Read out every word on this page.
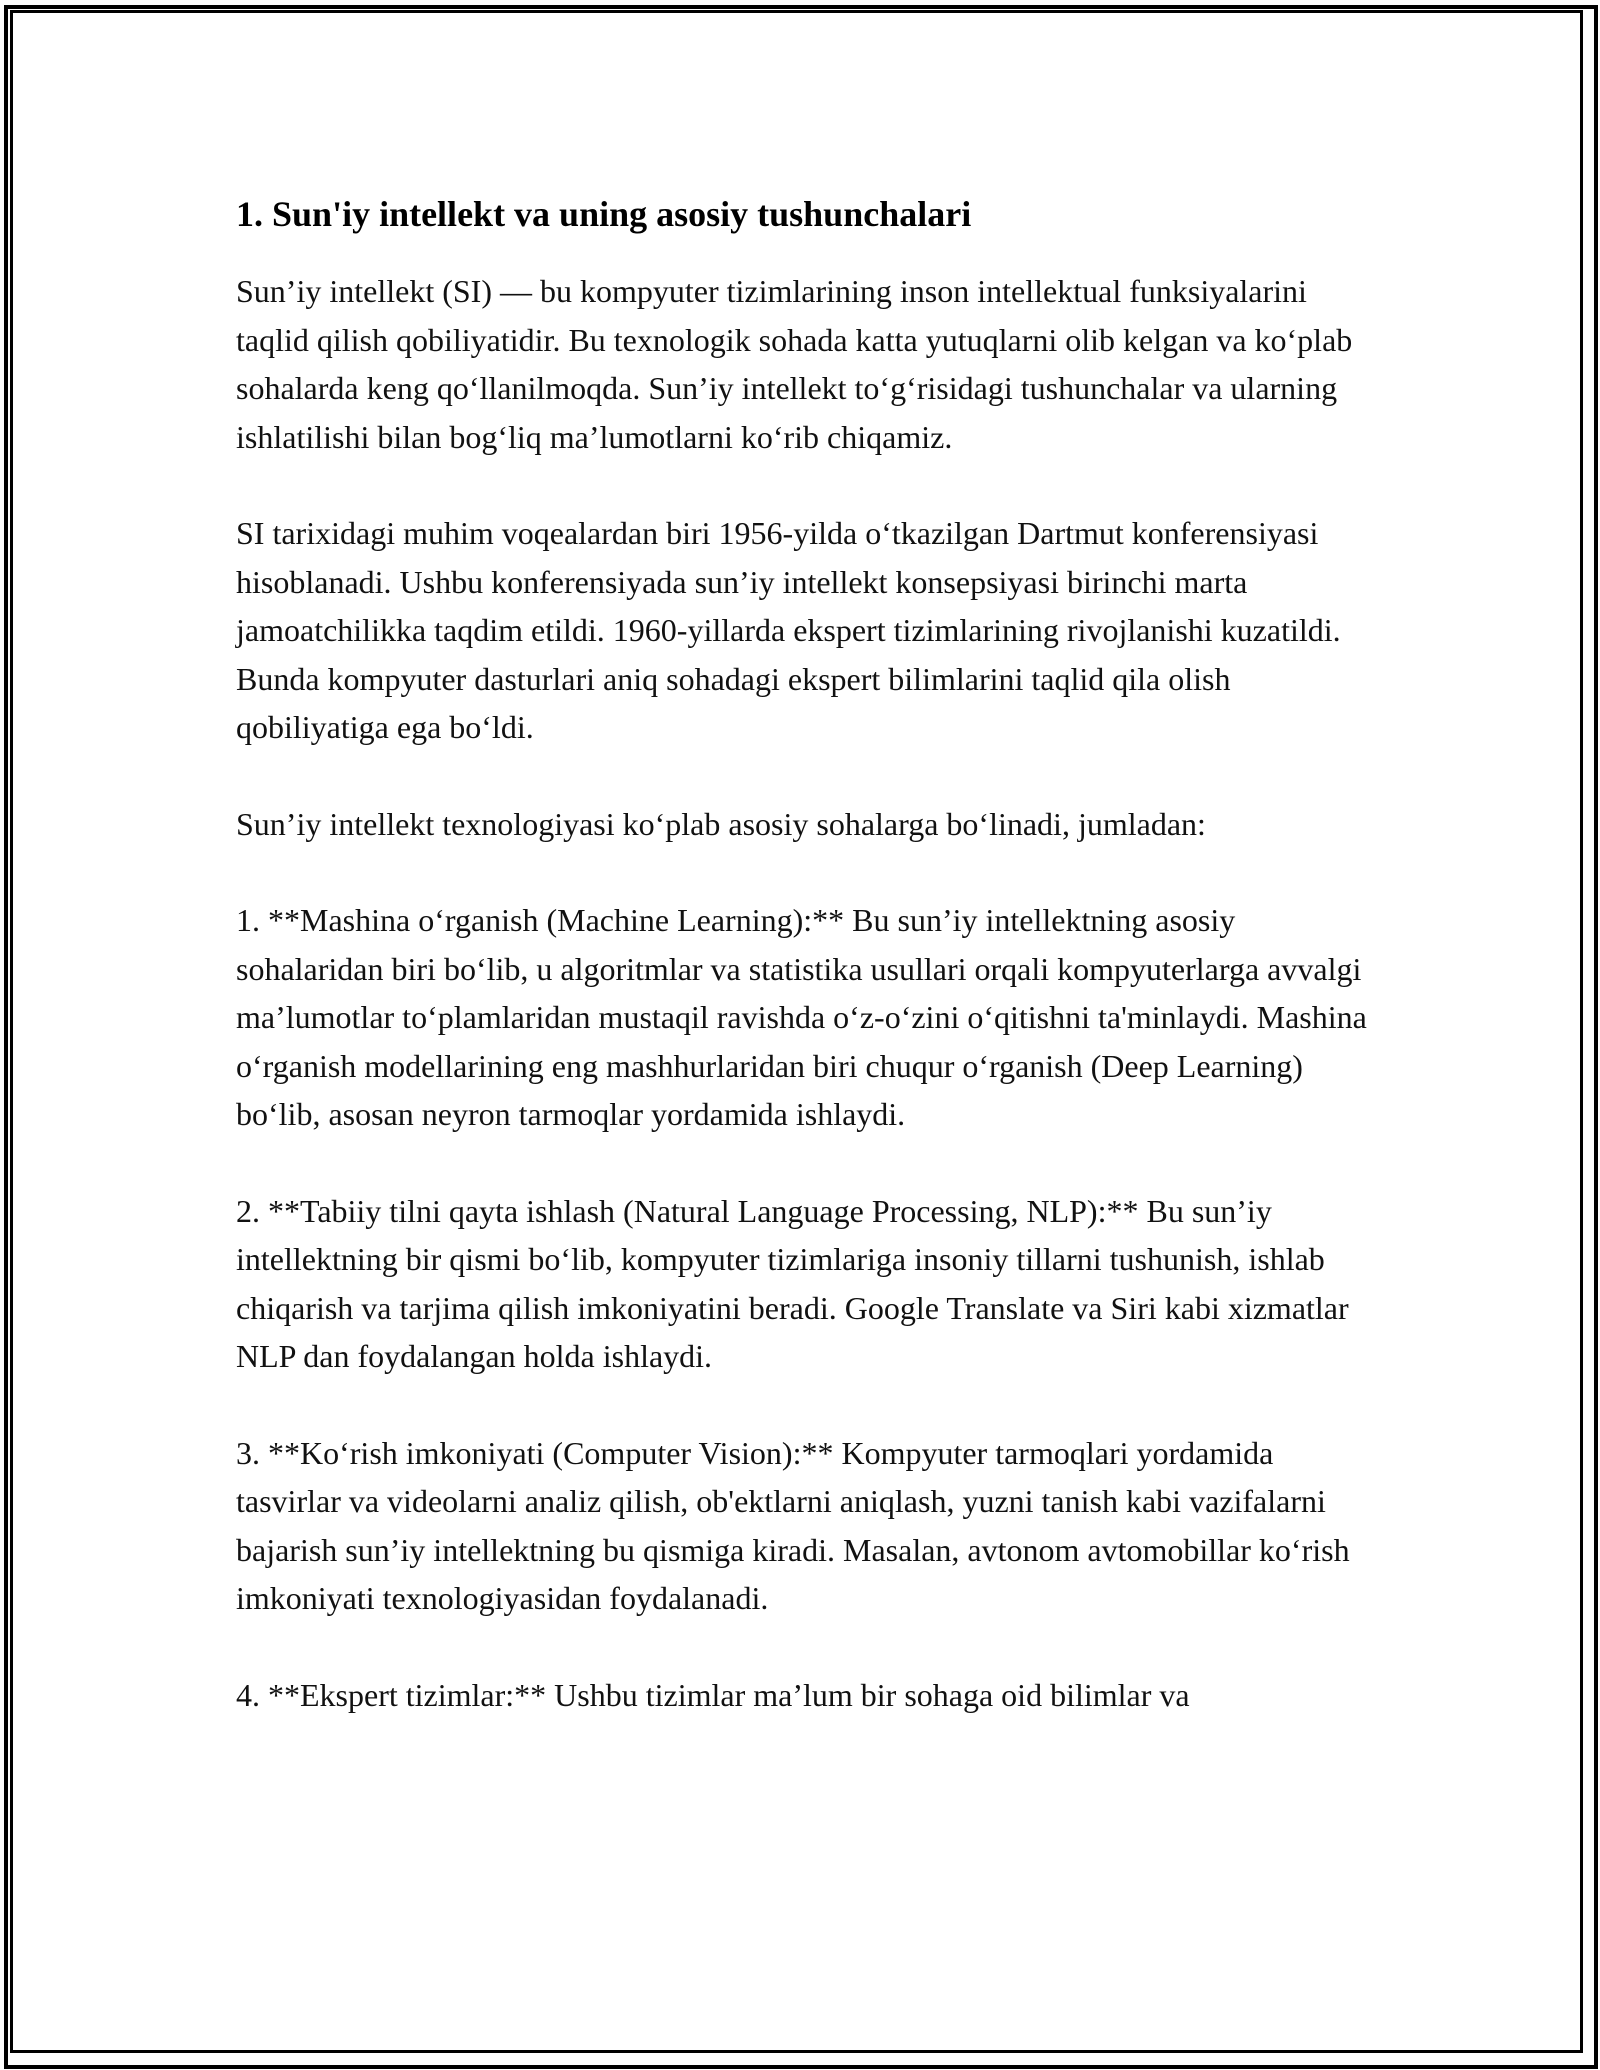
1. Sun'iy intellekt va uning asosiy tushunchalari

Sun’iy intellekt (SI) — bu kompyuter tizimlarining inson intellektual funksiyalarini taqlid qilish qobiliyatidir. Bu texnologik sohada katta yutuqlarni olib kelgan va ko‘plab sohalarda keng qo‘llanilmoqda. Sun’iy intellekt to‘g‘risidagi tushunchalar va ularning ishlatilishi bilan bog‘liq ma’lumotlarni ko‘rib chiqamiz.

SI tarixidagi muhim voqealardan biri 1956-yilda o‘tkazilgan Dartmut konferensiyasi hisoblanadi. Ushbu konferensiyada sun’iy intellekt konsepsiyasi birinchi marta jamoatchilikka taqdim etildi. 1960-yillarda ekspert tizimlarining rivojlanishi kuzatildi. Bunda kompyuter dasturlari aniq sohadagi ekspert bilimlarini taqlid qila olish qobiliyatiga ega bo‘ldi.

Sun’iy intellekt texnologiyasi ko‘plab asosiy sohalarga bo‘linadi, jumladan:

1. **Mashina o‘rganish (Machine Learning):** Bu sun’iy intellektning asosiy sohalaridan biri bo‘lib, u algoritmlar va statistika usullari orqali kompyuterlarga avvalgi ma’lumotlar to‘plamlaridan mustaqil ravishda o‘z-o‘zini o‘qitishni ta'minlaydi. Mashina o‘rganish modellarining eng mashhurlaridan biri chuqur o‘rganish (Deep Learning) bo‘lib, asosan neyron tarmoqlar yordamida ishlaydi.

2. **Tabiiy tilni qayta ishlash (Natural Language Processing, NLP):** Bu sun’iy intellektning bir qismi bo‘lib, kompyuter tizimlariga insoniy tillarni tushunish, ishlab chiqarish va tarjima qilish imkoniyatini beradi. Google Translate va Siri kabi xizmatlar NLP dan foydalangan holda ishlaydi.

3. **Ko‘rish imkoniyati (Computer Vision):** Kompyuter tarmoqlari yordamida tasvirlar va videolarni analiz qilish, ob'ektlarni aniqlash, yuzni tanish kabi vazifalarni bajarish sun’iy intellektning bu qismiga kiradi. Masalan, avtonom avtomobillar ko‘rish imkoniyati texnologiyasidan foydalanadi.

4. **Ekspert tizimlar:** Ushbu tizimlar ma’lum bir sohaga oid bilimlar va
